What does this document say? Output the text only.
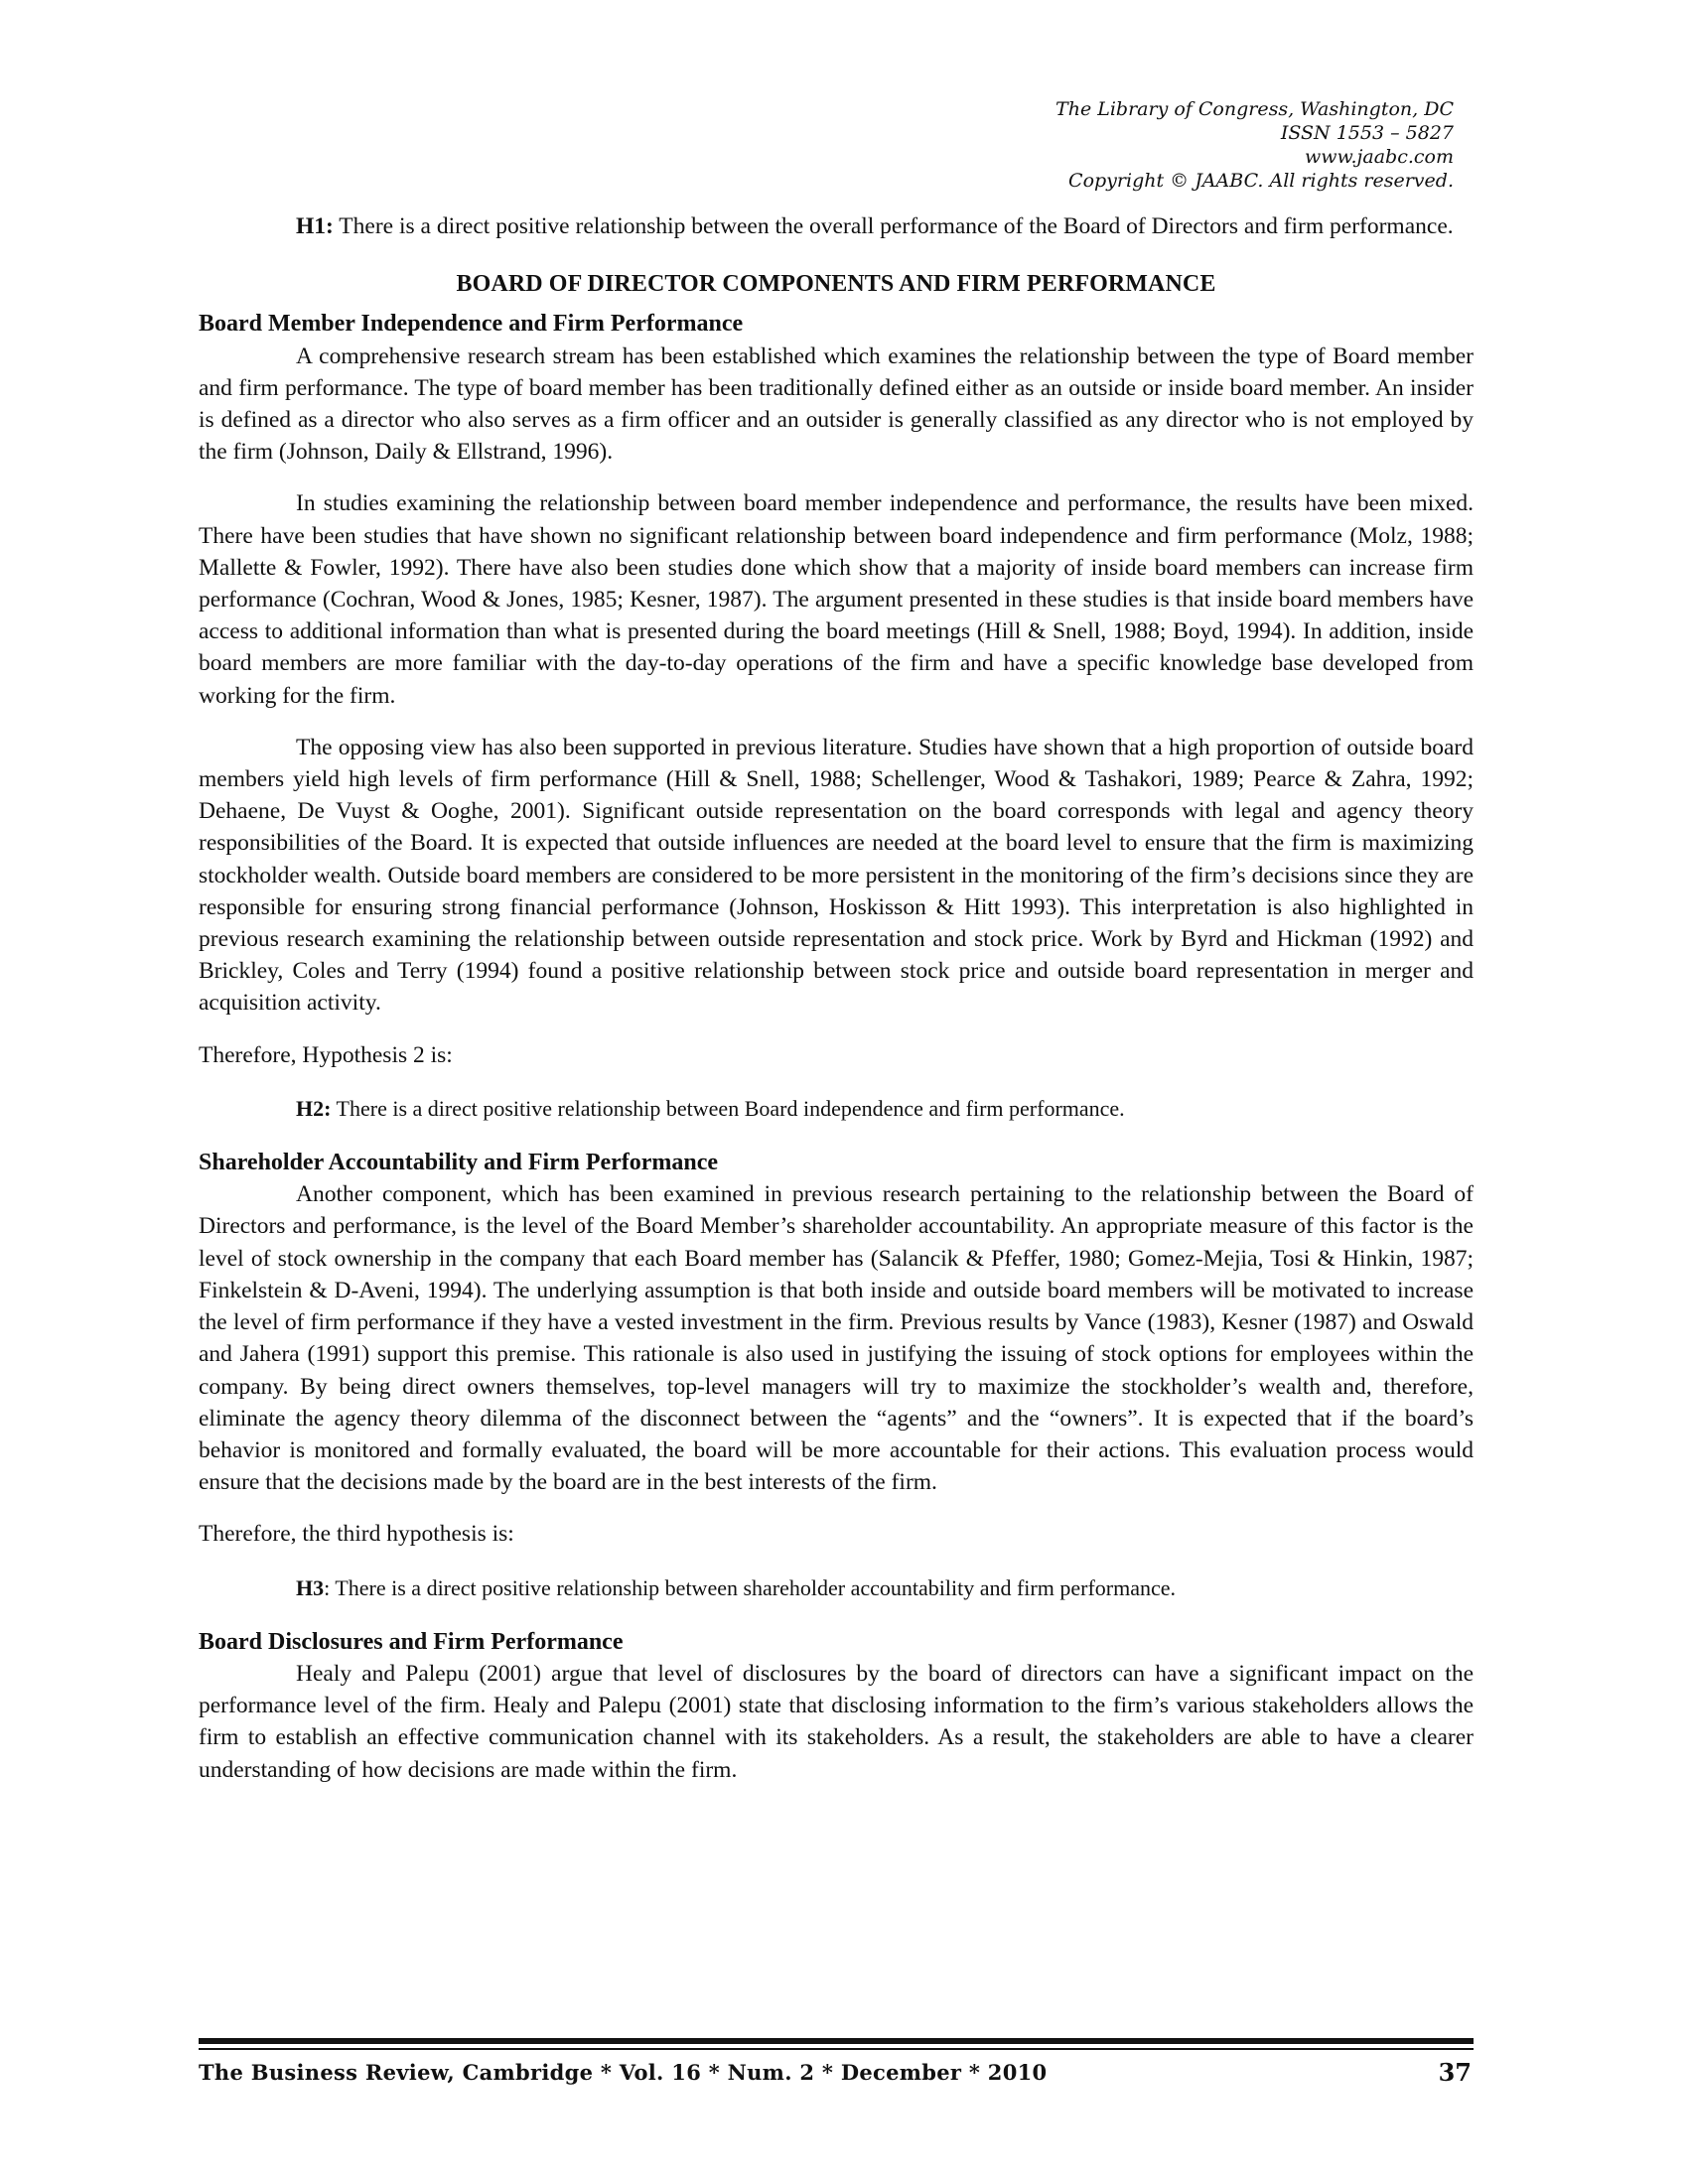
The Library of Congress, Washington, DC
ISSN 1553 – 5827
www.jaabc.com
Copyright © JAABC. All rights reserved.
H1: There is a direct positive relationship between the overall performance of the Board of Directors and firm performance.
BOARD OF DIRECTOR COMPONENTS AND FIRM PERFORMANCE
Board Member Independence and Firm Performance

A comprehensive research stream has been established which examines the relationship between the type of Board member and firm performance. The type of board member has been traditionally defined either as an outside or inside board member. An insider is defined as a director who also serves as a firm officer and an outsider is generally classified as any director who is not employed by the firm (Johnson, Daily & Ellstrand, 1996).

In studies examining the relationship between board member independence and performance, the results have been mixed. There have been studies that have shown no significant relationship between board independence and firm performance (Molz, 1988; Mallette & Fowler, 1992). There have also been studies done which show that a majority of inside board members can increase firm performance (Cochran, Wood & Jones, 1985; Kesner, 1987). The argument presented in these studies is that inside board members have access to additional information than what is presented during the board meetings (Hill & Snell, 1988; Boyd, 1994). In addition, inside board members are more familiar with the day-to-day operations of the firm and have a specific knowledge base developed from working for the firm.

The opposing view has also been supported in previous literature. Studies have shown that a high proportion of outside board members yield high levels of firm performance (Hill & Snell, 1988; Schellenger, Wood & Tashakori, 1989; Pearce & Zahra, 1992; Dehaene, De Vuyst & Ooghe, 2001). Significant outside representation on the board corresponds with legal and agency theory responsibilities of the Board. It is expected that outside influences are needed at the board level to ensure that the firm is maximizing stockholder wealth. Outside board members are considered to be more persistent in the monitoring of the firm’s decisions since they are responsible for ensuring strong financial performance (Johnson, Hoskisson & Hitt 1993). This interpretation is also highlighted in previous research examining the relationship between outside representation and stock price. Work by Byrd and Hickman (1992) and Brickley, Coles and Terry (1994) found a positive relationship between stock price and outside board representation in merger and acquisition activity.

Therefore, Hypothesis 2 is:

H2: There is a direct positive relationship between Board independence and firm performance.
Shareholder Accountability and Firm Performance

Another component, which has been examined in previous research pertaining to the relationship between the Board of Directors and performance, is the level of the Board Member’s shareholder accountability. An appropriate measure of this factor is the level of stock ownership in the company that each Board member has (Salancik & Pfeffer, 1980; Gomez-Mejia, Tosi & Hinkin, 1987; Finkelstein & D-Aveni, 1994). The underlying assumption is that both inside and outside board members will be motivated to increase the level of firm performance if they have a vested investment in the firm. Previous results by Vance (1983), Kesner (1987) and Oswald and Jahera (1991) support this premise. This rationale is also used in justifying the issuing of stock options for employees within the company. By being direct owners themselves, top-level managers will try to maximize the stockholder’s wealth and, therefore, eliminate the agency theory dilemma of the disconnect between the “agents” and the “owners”. It is expected that if the board’s behavior is monitored and formally evaluated, the board will be more accountable for their actions. This evaluation process would ensure that the decisions made by the board are in the best interests of the firm.

Therefore, the third hypothesis is:

H3: There is a direct positive relationship between shareholder accountability and firm performance.
Board Disclosures and Firm Performance

Healy and Palepu (2001) argue that level of disclosures by the board of directors can have a significant impact on the performance level of the firm. Healy and Palepu (2001) state that disclosing information to the firm’s various stakeholders allows the firm to establish an effective communication channel with its stakeholders. As a result, the stakeholders are able to have a clearer understanding of how decisions are made within the firm.

The Business Review, Cambridge * Vol. 16 * Num. 2 * December * 2010	37
